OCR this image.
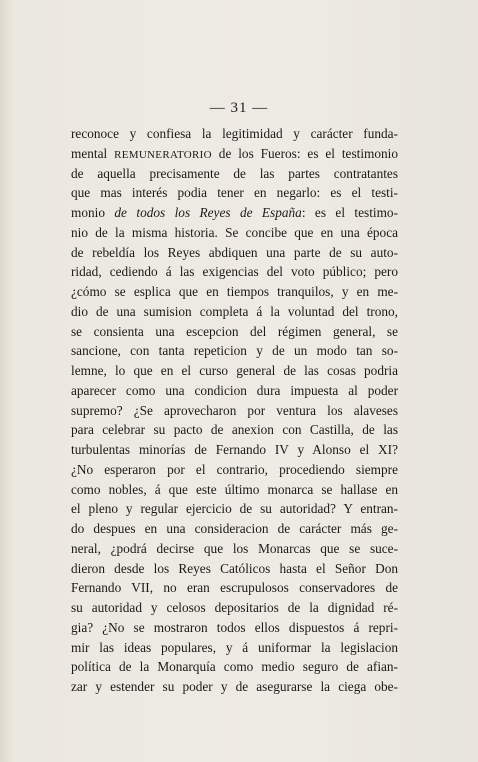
— 31 —
reconoce y confiesa la legitimidad y carácter funda-
mental REMUNERATORIO de los Fueros: es el testimonio
de aquella precisamente de las partes contratantes
que mas interés podia tener en negarlo: es el testi-
monio de todos los Reyes de España: es el testimo-
nio de la misma historia. Se concibe que en una época
de rebeldía los Reyes abdiquen una parte de su auto-
ridad, cediendo á las exigencias del voto público; pero
¿cómo se esplica que en tiempos tranquilos, y en me-
dio de una sumision completa á la voluntad del trono,
se consienta una escepcion del régimen general, se
sancione, con tanta repeticion y de un modo tan so-
lemne, lo que en el curso general de las cosas podria
aparecer como una condicion dura impuesta al poder
supremo? ¿Se aprovecharon por ventura los alaveses
para celebrar su pacto de anexion con Castilla, de las
turbulentas minorías de Fernando IV y Alonso el XI?
¿No esperaron por el contrario, procediendo siempre
como nobles, á que este último monarca se hallase en
el pleno y regular ejercicio de su autoridad? Y entran-
do despues en una consideracion de carácter más ge-
neral, ¿podrá decirse que los Monarcas que se suce-
dieron desde los Reyes Católicos hasta el Señor Don
Fernando VII, no eran escrupulosos conservadores de
su autoridad y celosos depositarios de la dignidad ré-
gia? ¿No se mostraron todos ellos dispuestos á repri-
mir las ideas populares, y á uniformar la legislacion
política de la Monarquía como medio seguro de afian-
zar y estender su poder y de asegurarse la ciega obe-
